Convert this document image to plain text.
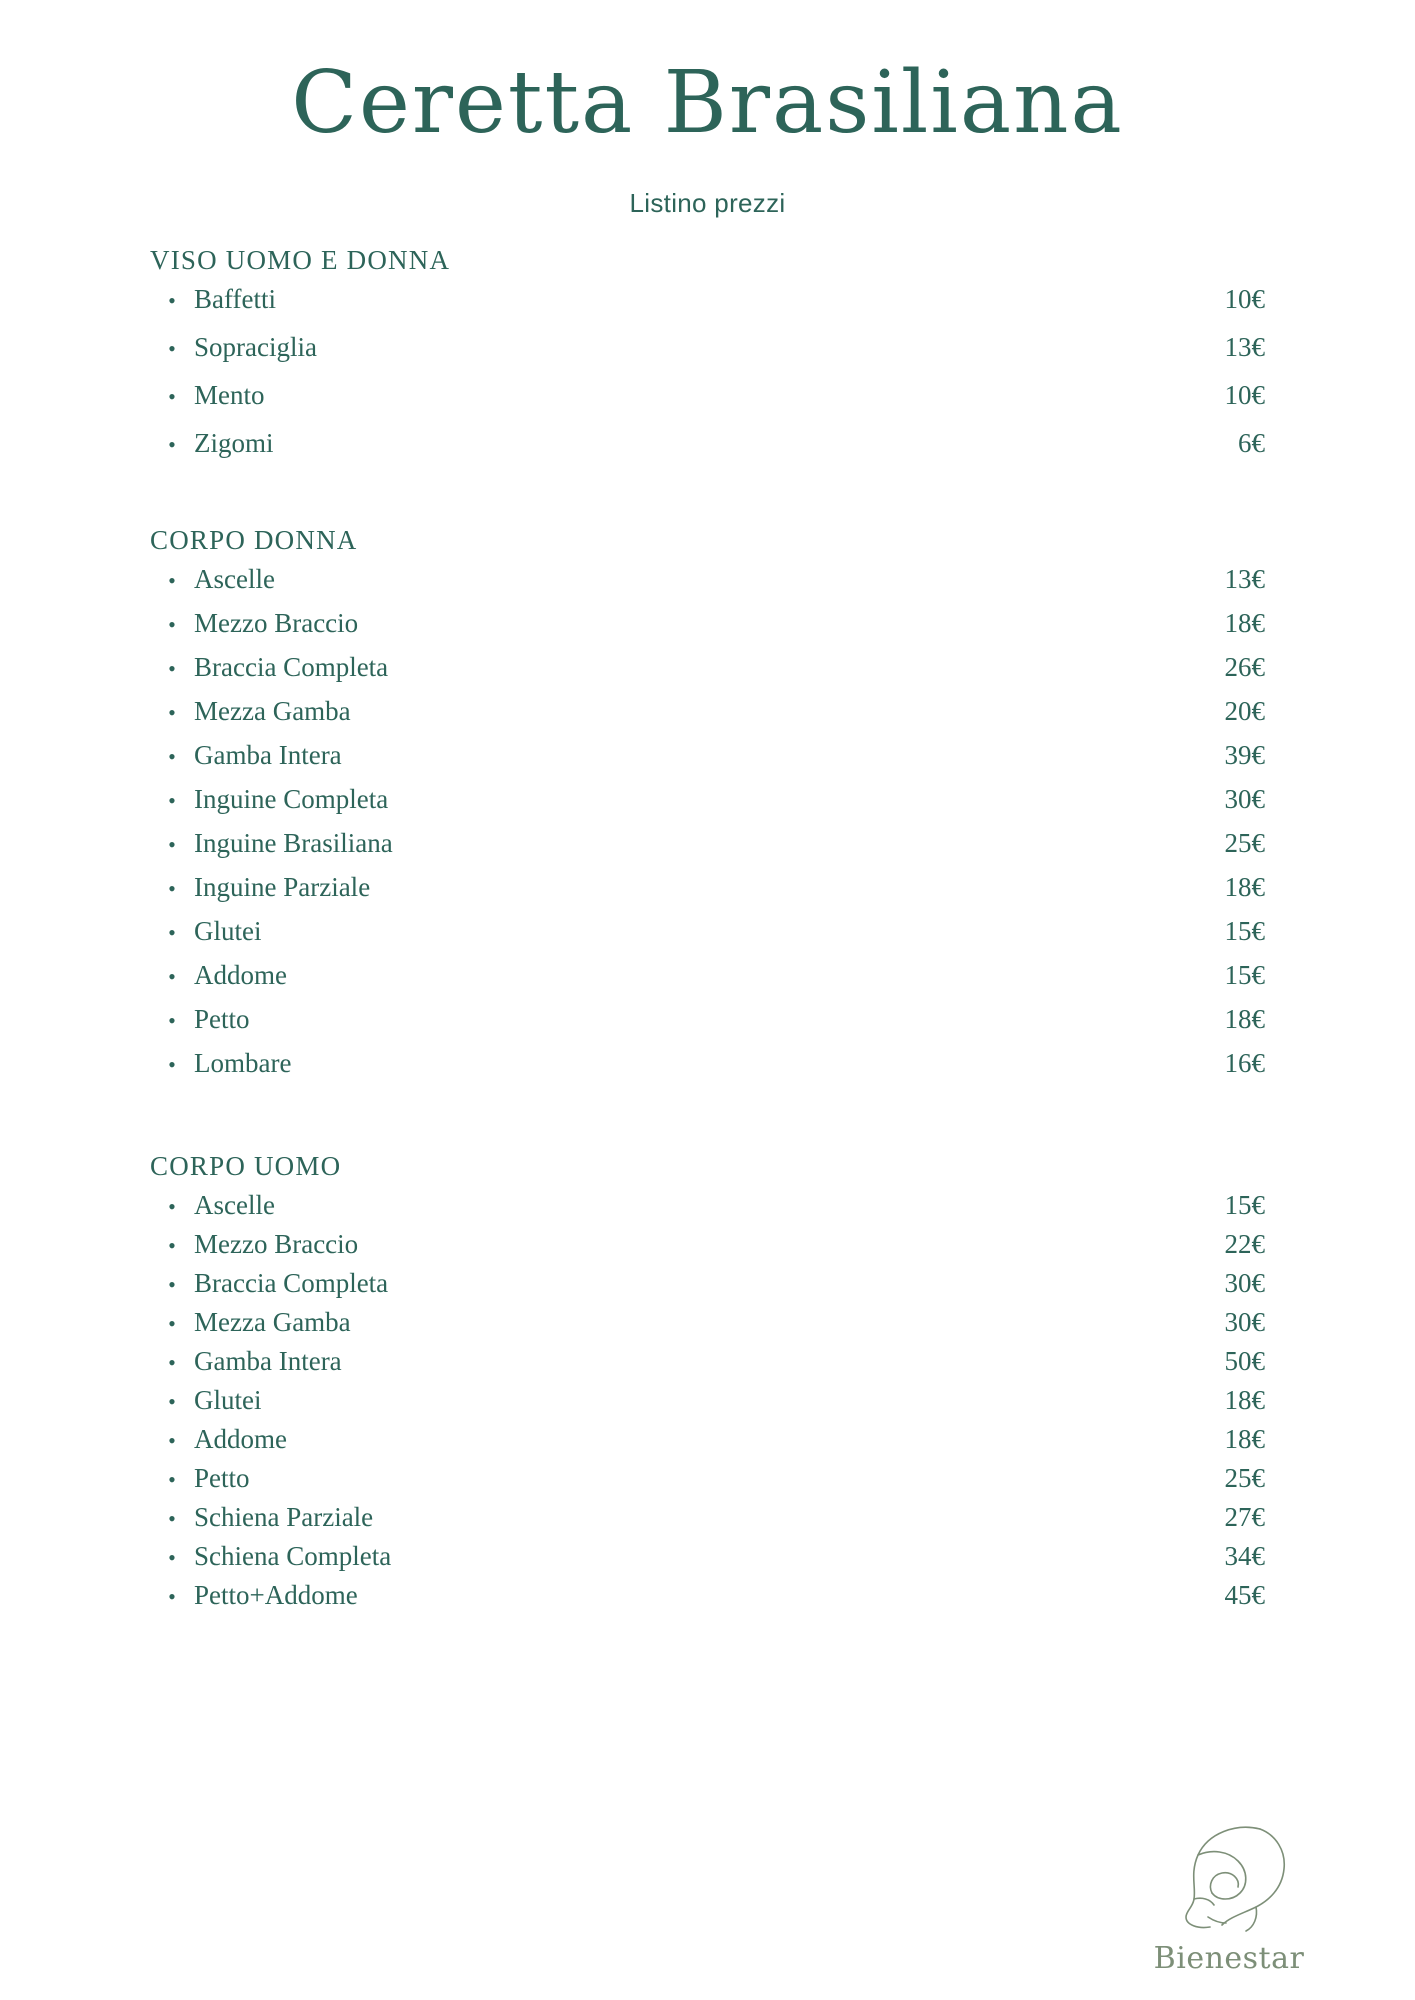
Ceretta Brasiliana

Listino prezzi

VISO UOMO E DONNA
• Baffetti	10€
• Sopraciglia	13€
• Mento	10€
• Zigomi	6€
CORPO DONNA
• Ascelle	13€
• Mezzo Braccio	18€
• Braccia Completa	26€
• Mezza Gamba	20€
• Gamba Intera	39€
• Inguine Completa	30€
• Inguine Brasiliana	25€
• Inguine Parziale	18€
• Glutei	15€
• Addome	15€
• Petto	18€
• Lombare	16€
CORPO UOMO
• Ascelle	15€
• Mezzo Braccio	22€
• Braccia Completa	30€
• Mezza Gamba	30€
• Gamba Intera	50€
• Glutei	18€
• Addome	18€
• Petto	25€
• Schiena Parziale	27€
• Schiena Completa	34€
• Petto+Addome	45€
Bienestar
